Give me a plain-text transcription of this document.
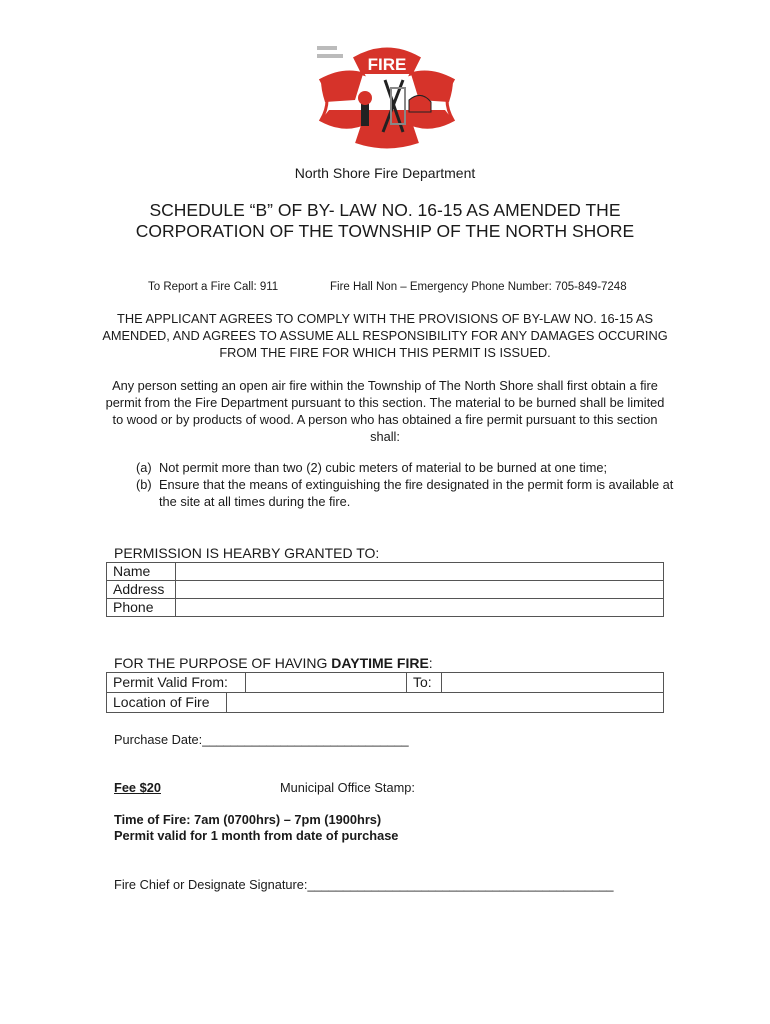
FIRE
North Shore Fire Department
SCHEDULE “B” OF BY- LAW NO. 16-15 AS AMENDED THE CORPORATION OF THE TOWNSHIP OF THE NORTH SHORE
To Report a Fire Call: 911	Fire Hall Non – Emergency Phone Number: 705-849-7248
THE APPLICANT AGREES TO COMPLY WITH THE PROVISIONS OF BY-LAW NO. 16-15 AS AMENDED, AND AGREES TO ASSUME ALL RESPONSIBILITY FOR ANY DAMAGES OCCURING FROM THE FIRE FOR WHICH THIS PERMIT IS ISSUED.
Any person setting an open air fire within the Township of The North Shore shall first obtain a fire permit from the Fire Department pursuant to this section. The material to be burned shall be limited to wood or by products of wood. A person who has obtained a fire permit pursuant to this section shall:
(a) Not permit more than two (2) cubic meters of material to be burned at one time;
(b) Ensure that the means of extinguishing the fire designated in the permit form is available at the site at all times during the fire.
PERMISSION IS HEARBY GRANTED TO:
Name	
Address	
Phone	
FOR THE PURPOSE OF HAVING DAYTIME FIRE:
Permit Valid From:	To:
Location of Fire
Purchase Date:_____________________________
Fee $20	Municipal Office Stamp:
Time of Fire: 7am (0700hrs) – 7pm (1900hrs)
Permit valid for 1 month from date of purchase
Fire Chief or Designate Signature:___________________________________________
